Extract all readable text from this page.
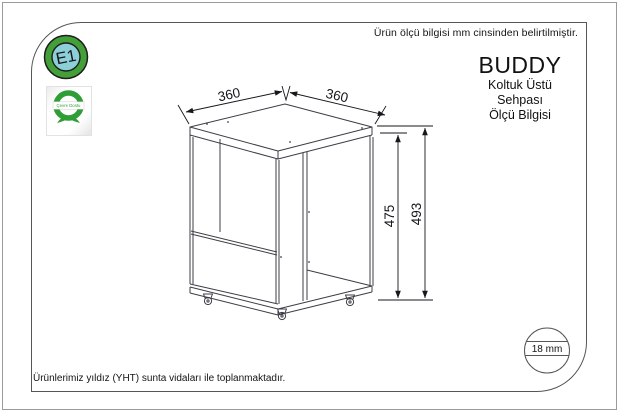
Ürün ölçü bilgisi mm cinsinden belirtilmiştir.
E1
Çevre Dostu
BUDDY
Koltuk Üstü
Sehpası
Ölçü Bilgisi
360	360
475 493
18 mm
Ürünlerimiz yıldız (YHT) sunta vidaları ile toplanmaktadır.
